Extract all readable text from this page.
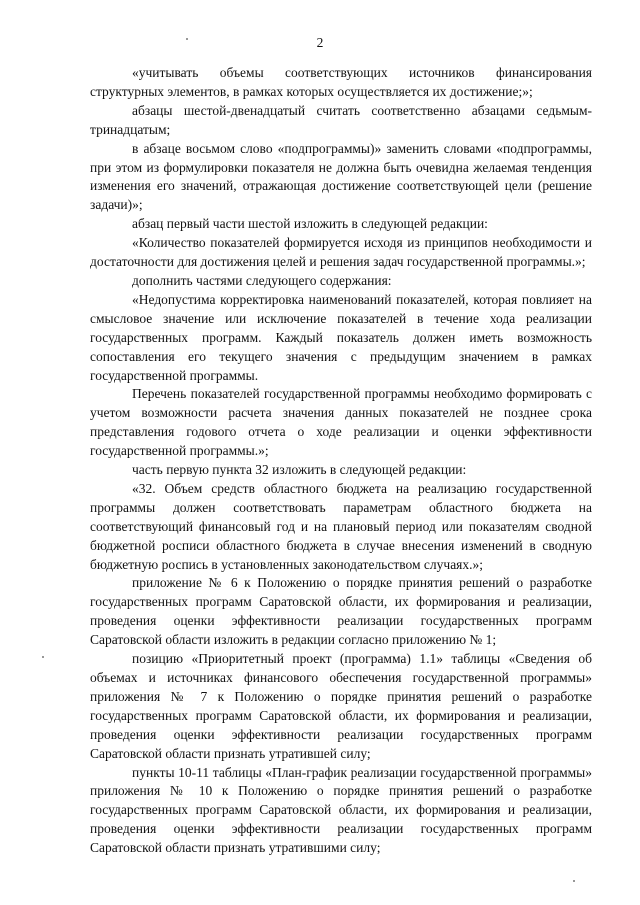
2

«учитывать объемы соответствующих источников финансирования структурных элементов, в рамках которых осуществляется их достижение;»;

абзацы шестой-двенадцатый считать соответственно абзацами седьмым-тринадцатым;

в абзаце восьмом слово «подпрограммы)» заменить словами «подпрограммы, при этом из формулировки показателя не должна быть очевидна желаемая тенденция изменения его значений, отражающая достижение соответствующей цели (решение задачи)»;

абзац первый части шестой изложить в следующей редакции:

«Количество показателей формируется исходя из принципов необходимости и достаточности для достижения целей и решения задач государственной программы.»;

дополнить частями следующего содержания:

«Недопустима корректировка наименований показателей, которая повлияет на смысловое значение или исключение показателей в течение хода реализации государственных программ. Каждый показатель должен иметь возможность сопоставления его текущего значения с предыдущим значением в рамках государственной программы.

Перечень показателей государственной программы необходимо формировать с учетом возможности расчета значения данных показателей не позднее срока представления годового отчета о ходе реализации и оценки эффективности государственной программы.»;

часть первую пункта 32 изложить в следующей редакции:

«32. Объем средств областного бюджета на реализацию государственной программы должен соответствовать параметрам областного бюджета на соответствующий финансовый год и на плановый период или показателям сводной бюджетной росписи областного бюджета в случае внесения изменений в сводную бюджетную роспись в установленных законодательством случаях.»;

приложение № 6 к Положению о порядке принятия решений о разработке государственных программ Саратовской области, их формирования и реализации, проведения оценки эффективности реализации государственных программ Саратовской области изложить в редакции согласно приложению № 1;

позицию «Приоритетный проект (программа) 1.1» таблицы «Сведения об объемах и источниках финансового обеспечения государственной программы» приложения № 7 к Положению о порядке принятия решений о разработке государственных программ Саратовской области, их формирования и реализации, проведения оценки эффективности реализации государственных программ Саратовской области признать утратившей силу;

пункты 10-11 таблицы «План-график реализации государственной программы» приложения № 10 к Положению о порядке принятия решений о разработке государственных программ Саратовской области, их формирования и реализации, проведения оценки эффективности реализации государственных программ Саратовской области признать утратившими силу;
